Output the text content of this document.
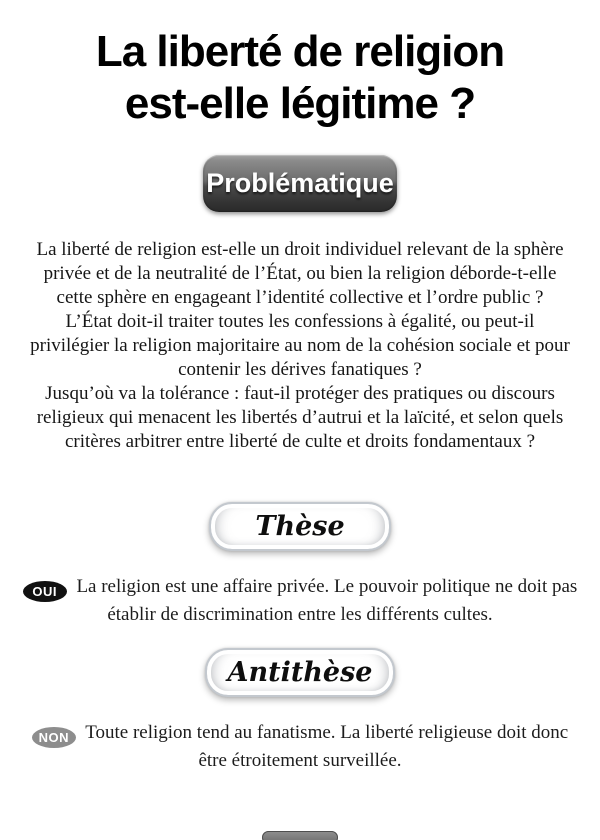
La liberté de religion
est-elle légitime ?
Problématique

La liberté de religion est-elle un droit individuel relevant de la sphère privée et de la neutralité de l’État, ou bien la religion déborde-t-elle cette sphère en engageant l’identité collective et l’ordre public ?

L’État doit-il traiter toutes les confessions à égalité, ou peut-il privilégier la religion majoritaire au nom de la cohésion sociale et pour contenir les dérives fanatiques ?

Jusqu’où va la tolérance : faut-il protéger des pratiques ou discours religieux qui menacent les libertés d’autrui et la laïcité, et selon quels critères arbitrer entre liberté de culte et droits fondamentaux ?

Thèse

OUI La religion est une affaire privée. Le pouvoir politique ne doit pas établir de discrimination entre les différents cultes.

Antithèse

NON Toute religion tend au fanatisme. La liberté religieuse doit donc être étroitement surveillée.
